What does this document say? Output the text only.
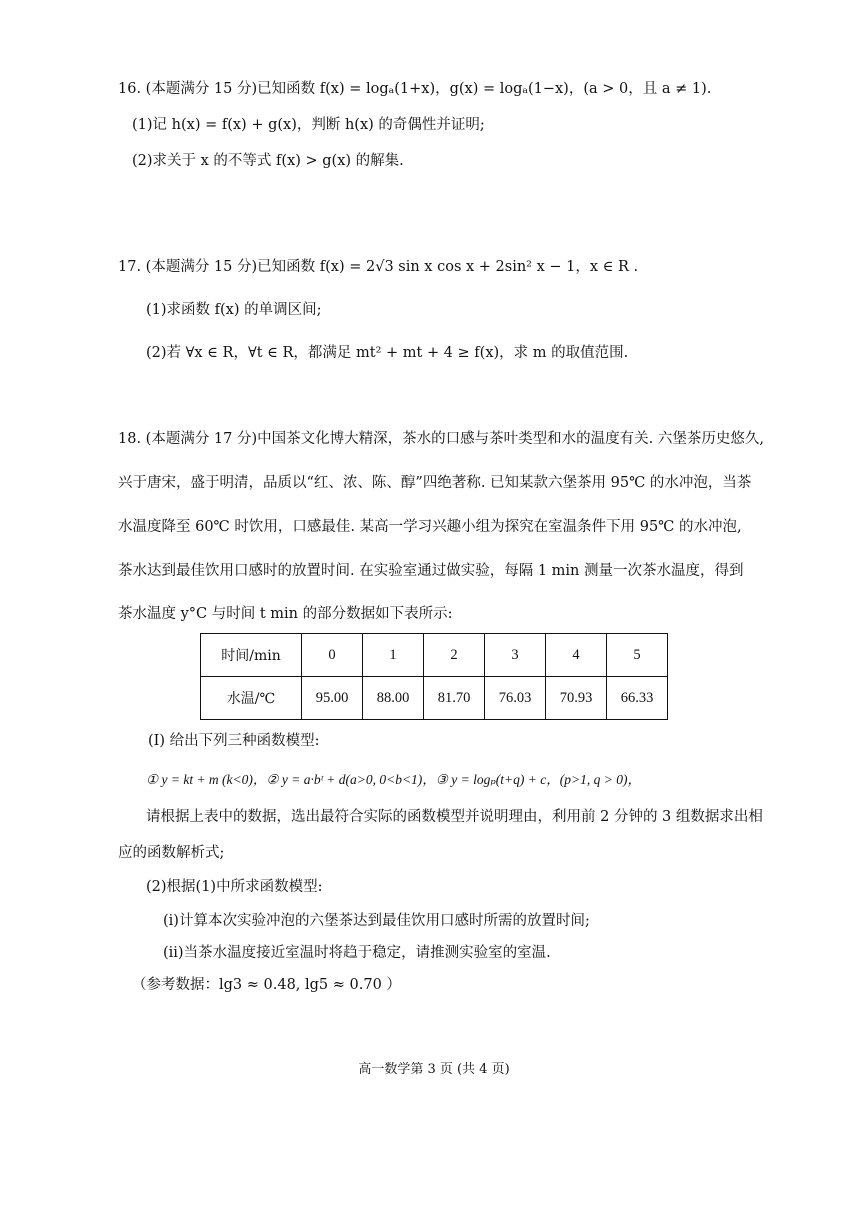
16. (本题满分 15 分)已知函数 f(x) = logₐ(1+x)，g(x) = logₐ(1−x)，(a > 0，且 a ≠ 1).
(1)记 h(x) = f(x) + g(x)，判断 h(x) 的奇偶性并证明;
(2)求关于 x 的不等式 f(x) > g(x) 的解集.
17. (本题满分 15 分)已知函数 f(x) = 2√3 sin x cos x + 2sin² x − 1，x ∈ R .
(1)求函数 f(x) 的单调区间;
(2)若 ∀x ∈ R，∀t ∈ R，都满足 mt² + mt + 4 ≥ f(x)，求 m 的取值范围.
18. (本题满分 17 分)中国茶文化博大精深，茶水的口感与茶叶类型和水的温度有关. 六堡茶历史悠久,
兴于唐宋，盛于明清，品质以“红、浓、陈、醇”四绝著称. 已知某款六堡茶用 95℃ 的水冲泡，当茶
水温度降至 60℃ 时饮用，口感最佳. 某高一学习兴趣小组为探究在室温条件下用 95℃ 的水冲泡,
茶水达到最佳饮用口感时的放置时间. 在实验室通过做实验，每隔 1 min 测量一次茶水温度，得到
茶水温度 y°C 与时间 t min 的部分数据如下表所示:
时间/min	0	1	2	3	4	5
水温/℃	95.00	88.00	81.70	76.03	70.93	66.33
(I) 给出下列三种函数模型:
① y = kt + m (k<0)，② y = a·bᵗ + d(a>0, 0<b<1)，③ y = logₚ(t+q) + c，(p>1, q > 0)，
请根据上表中的数据，选出最符合实际的函数模型并说明理由，利用前 2 分钟的 3 组数据求出相
应的函数解析式;
(2)根据(1)中所求函数模型:
(i)计算本次实验冲泡的六堡茶达到最佳饮用口感时所需的放置时间;
(ii)当茶水温度接近室温时将趋于稳定，请推测实验室的室温.
（参考数据：lg3 ≈ 0.48, lg5 ≈ 0.70 ）
高一数学第 3 页 (共 4 页)
